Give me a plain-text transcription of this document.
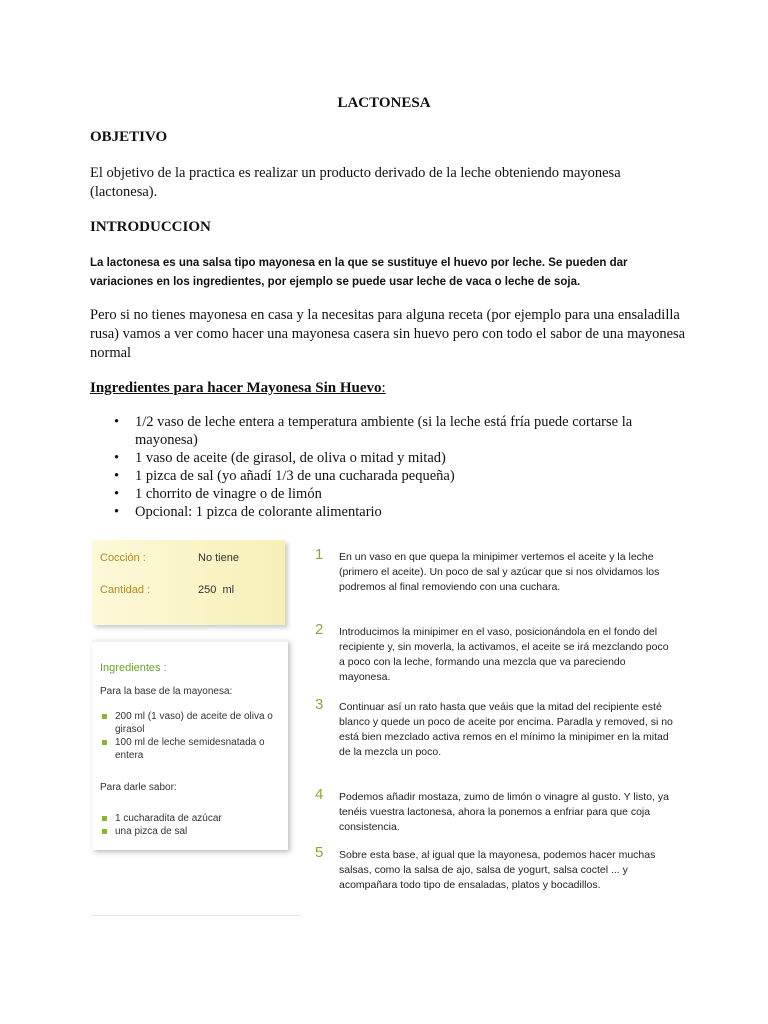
LACTONESA
OBJETIVO
El objetivo de la practica es realizar un producto derivado de la leche obteniendo mayonesa (lactonesa).
INTRODUCCION
La lactonesa es una salsa tipo mayonesa en la que se sustituye el huevo por leche. Se pueden dar variaciones en los ingredientes, por ejemplo se puede usar leche de vaca o leche de soja.
Pero si no tienes mayonesa en casa y la necesitas para alguna receta (por ejemplo para una ensaladilla rusa) vamos a ver como hacer una mayonesa casera sin huevo pero con todo el sabor de una mayonesa normal
Ingredientes para hacer Mayonesa Sin Huevo:
• 1/2 vaso de leche entera a temperatura ambiente (si la leche está fría puede cortarse la mayonesa)
• 1 vaso de aceite (de girasol, de oliva o mitad y mitad)
• 1 pizca de sal (yo añadí 1/3 de una cucharada pequeña)
• 1 chorrito de vinagre o de limón
• Opcional: 1 pizca de colorante alimentario
Cocción :	No tiene
Cantidad :	250  ml
Ingredientes :
Para la base de la mayonesa:
200 ml (1 vaso) de aceite de oliva o girasol
100 ml de leche semidesnatada o entera
Para darle sabor:
1 cucharadita de azúcar
una pizca de sal
1 En un vaso en que quepa la minipimer vertemos el aceite y la leche (primero el aceite). Un poco de sal y azúcar que si nos olvidamos los podremos al final removiendo con una cuchara.
2 Introducimos la minipimer en el vaso, posicionándola en el fondo del recipiente y, sin moverla, la activamos, el aceite se irá mezclando poco a poco con la leche, formando una mezcla que va pareciendo mayonesa.
3 Continuar así un rato hasta que veáis que la mitad del recipiente esté blanco y quede un poco de aceite por encima. Paradla y removed, si no está bien mezclado activa remos en el mínimo la minipimer en la mitad de la mezcla un poco.
4 Podemos añadir mostaza, zumo de limón o vinagre al gusto. Y listo, ya tenéis vuestra lactonesa, ahora la ponemos a enfriar para que coja consistencia.
5 Sobre esta base, al igual que la mayonesa, podemos hacer muchas salsas, como la salsa de ajo, salsa de yogurt, salsa coctel ... y acompañara todo tipo de ensaladas, platos y bocadillos.
